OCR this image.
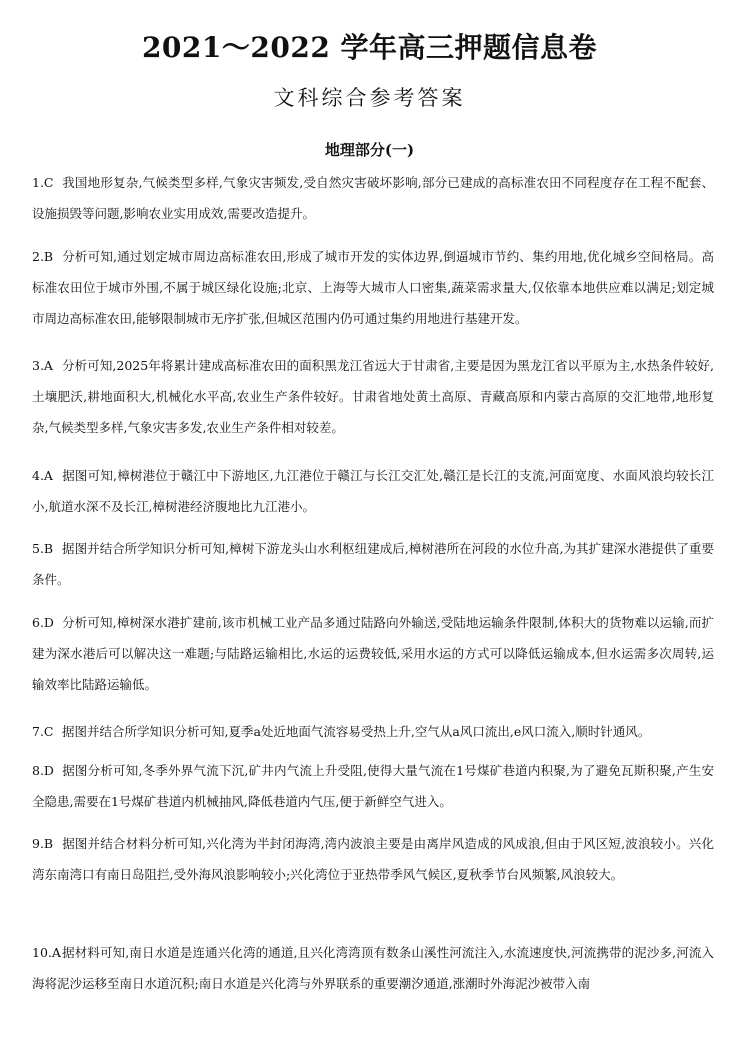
2021～2022 学年高三押题信息卷
文科综合参考答案
地理部分(一)
1.C 我国地形复杂,气候类型多样,气象灾害频发,受自然灾害破坏影响,部分已建成的高标准农田不同程度存在工程不配套、设施损毁等问题,影响农业实用成效,需要改造提升。
2.B 分析可知,通过划定城市周边高标准农田,形成了城市开发的实体边界,倒逼城市节约、集约用地,优化城乡空间格局。高标准农田位于城市外围,不属于城区绿化设施;北京、上海等大城市人口密集,蔬菜需求量大,仅依靠本地供应难以满足;划定城市周边高标准农田,能够限制城市无序扩张,但城区范围内仍可通过集约用地进行基建开发。
3.A 分析可知,2025年将累计建成高标准农田的面积黑龙江省远大于甘肃省,主要是因为黑龙江省以平原为主,水热条件较好,土壤肥沃,耕地面积大,机械化水平高,农业生产条件较好。甘肃省地处黄土高原、青藏高原和内蒙古高原的交汇地带,地形复杂,气候类型多样,气象灾害多发,农业生产条件相对较差。
4.A 据图可知,樟树港位于赣江中下游地区,九江港位于赣江与长江交汇处,赣江是长江的支流,河面宽度、水面风浪均较长江小,航道水深不及长江,樟树港经济腹地比九江港小。
5.B 据图并结合所学知识分析可知,樟树下游龙头山水利枢纽建成后,樟树港所在河段的水位升高,为其扩建深水港提供了重要条件。
6.D 分析可知,樟树深水港扩建前,该市机械工业产品多通过陆路向外输送,受陆地运输条件限制,体积大的货物难以运输,而扩建为深水港后可以解决这一难题;与陆路运输相比,水运的运费较低,采用水运的方式可以降低运输成本,但水运需多次周转,运输效率比陆路运输低。
7.C 据图并结合所学知识分析可知,夏季a处近地面气流容易受热上升,空气从a风口流出,e风口流入,顺时针通风。
8.D 据图分析可知,冬季外界气流下沉,矿井内气流上升受阻,使得大量气流在1号煤矿巷道内积聚,为了避免瓦斯积聚,产生安全隐患,需要在1号煤矿巷道内机械抽风,降低巷道内气压,便于新鲜空气进入。
9.B 据图并结合材料分析可知,兴化湾为半封闭海湾,湾内波浪主要是由离岸风造成的风成浪,但由于风区短,波浪较小。兴化湾东南湾口有南日岛阻拦,受外海风浪影响较小;兴化湾位于亚热带季风气候区,夏秋季节台风频繁,风浪较大。
10.A据材料可知,南日水道是连通兴化湾的通道,且兴化湾湾顶有数条山溪性河流注入,水流速度快,河流携带的泥沙多,河流入海将泥沙运移至南日水道沉积;南日水道是兴化湾与外界联系的重要潮汐通道,涨潮时外海泥沙被带入南
